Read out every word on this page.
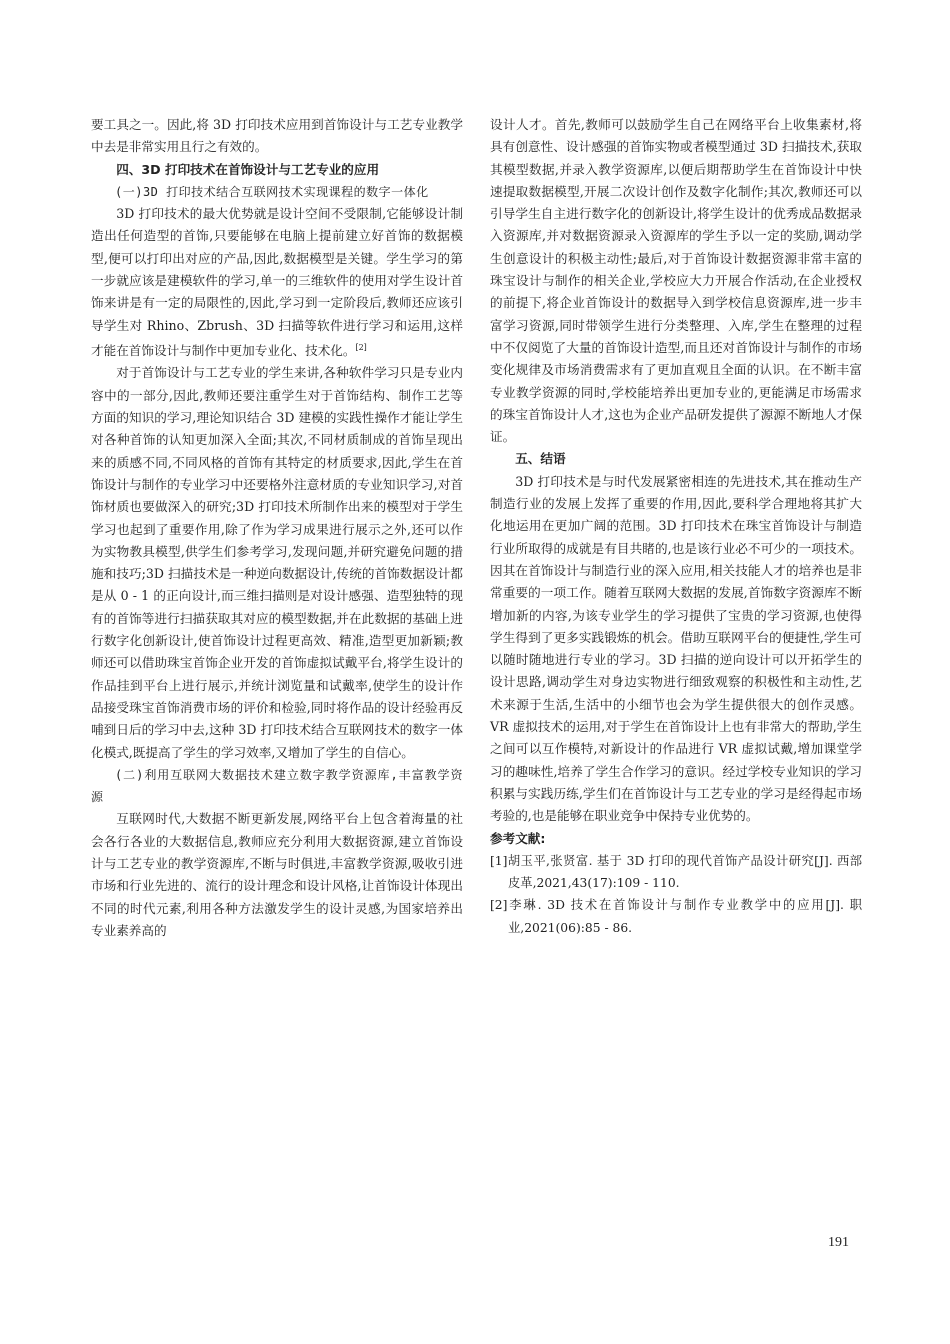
要工具之一。因此,将 3D 打印技术应用到首饰设计与工艺专业教学中去是非常实用且行之有效的。

四、3D 打印技术在首饰设计与工艺专业的应用
(一)3D 打印技术结合互联网技术实现课程的数字一体化

3D 打印技术的最大优势就是设计空间不受限制,它能够设计制造出任何造型的首饰,只要能够在电脑上提前建立好首饰的数据模型,便可以打印出对应的产品,因此,数据模型是关键。学生学习的第一步就应该是建模软件的学习,单一的三维软件的使用对学生设计首饰来讲是有一定的局限性的,因此,学习到一定阶段后,教师还应该引导学生对 Rhino、Zbrush、3D 扫描等软件进行学习和运用,这样才能在首饰设计与制作中更加专业化、技术化。[2]

对于首饰设计与工艺专业的学生来讲,各种软件学习只是专业内容中的一部分,因此,教师还要注重学生对于首饰结构、制作工艺等方面的知识的学习,理论知识结合 3D 建模的实践性操作才能让学生对各种首饰的认知更加深入全面;其次,不同材质制成的首饰呈现出来的质感不同,不同风格的首饰有其特定的材质要求,因此,学生在首饰设计与制作的专业学习中还要格外注意材质的专业知识学习,对首饰材质也要做深入的研究;3D 打印技术所制作出来的模型对于学生学习也起到了重要作用,除了作为学习成果进行展示之外,还可以作为实物教具模型,供学生们参考学习,发现问题,并研究避免问题的措施和技巧;3D 扫描技术是一种逆向数据设计,传统的首饰数据设计都是从 0 - 1 的正向设计,而三维扫描则是对设计感强、造型独特的现有的首饰等进行扫描获取其对应的模型数据,并在此数据的基础上进行数字化创新设计,使首饰设计过程更高效、精准,造型更加新颖;教师还可以借助珠宝首饰企业开发的首饰虚拟试戴平台,将学生设计的作品挂到平台上进行展示,并统计浏览量和试戴率,使学生的设计作品接受珠宝首饰消费市场的评价和检验,同时将作品的设计经验再反哺到日后的学习中去,这种 3D 打印技术结合互联网技术的数字一体化模式,既提高了学生的学习效率,又增加了学生的自信心。

(二)利用互联网大数据技术建立数字教学资源库,丰富教学资源

互联网时代,大数据不断更新发展,网络平台上包含着海量的社会各行各业的大数据信息,教师应充分利用大数据资源,建立首饰设计与工艺专业的教学资源库,不断与时俱进,丰富教学资源,吸收引进市场和行业先进的、流行的设计理念和设计风格,让首饰设计体现出不同的时代元素,利用各种方法激发学生的设计灵感,为国家培养出专业素养高的

设计人才。首先,教师可以鼓励学生自己在网络平台上收集素材,将具有创意性、设计感强的首饰实物或者模型通过 3D 扫描技术,获取其模型数据,并录入教学资源库,以便后期帮助学生在首饰设计中快速提取数据模型,开展二次设计创作及数字化制作;其次,教师还可以引导学生自主进行数字化的创新设计,将学生设计的优秀成品数据录入资源库,并对数据资源录入资源库的学生予以一定的奖励,调动学生创意设计的积极主动性;最后,对于首饰设计数据资源非常丰富的珠宝设计与制作的相关企业,学校应大力开展合作活动,在企业授权的前提下,将企业首饰设计的数据导入到学校信息资源库,进一步丰富学习资源,同时带领学生进行分类整理、入库,学生在整理的过程中不仅阅览了大量的首饰设计造型,而且还对首饰设计与制作的市场变化规律及市场消费需求有了更加直观且全面的认识。在不断丰富专业教学资源的同时,学校能培养出更加专业的,更能满足市场需求的珠宝首饰设计人才,这也为企业产品研发提供了源源不断地人才保证。

五、结语

3D 打印技术是与时代发展紧密相连的先进技术,其在推动生产制造行业的发展上发挥了重要的作用,因此,要科学合理地将其扩大化地运用在更加广阔的范围。3D 打印技术在珠宝首饰设计与制造行业所取得的成就是有目共睹的,也是该行业必不可少的一项技术。因其在首饰设计与制造行业的深入应用,相关技能人才的培养也是非常重要的一项工作。随着互联网大数据的发展,首饰数字资源库不断增加新的内容,为该专业学生的学习提供了宝贵的学习资源,也使得学生得到了更多实践锻炼的机会。借助互联网平台的便捷性,学生可以随时随地进行专业的学习。3D 扫描的逆向设计可以开拓学生的设计思路,调动学生对身边实物进行细致观察的积极性和主动性,艺术来源于生活,生活中的小细节也会为学生提供很大的创作灵感。VR 虚拟技术的运用,对于学生在首饰设计上也有非常大的帮助,学生之间可以互作模特,对新设计的作品进行 VR 虚拟试戴,增加课堂学习的趣味性,培养了学生合作学习的意识。经过学校专业知识的学习积累与实践历练,学生们在首饰设计与工艺专业的学习是经得起市场考验的,也是能够在职业竞争中保持专业优势的。

参考文献:
[1]胡玉平,张贤富. 基于 3D 打印的现代首饰产品设计研究[J]. 西部皮革,2021,43(17):109 - 110.
[2]李琳. 3D 技术在首饰设计与制作专业教学中的应用[J]. 职业,2021(06):85 - 86.
191
